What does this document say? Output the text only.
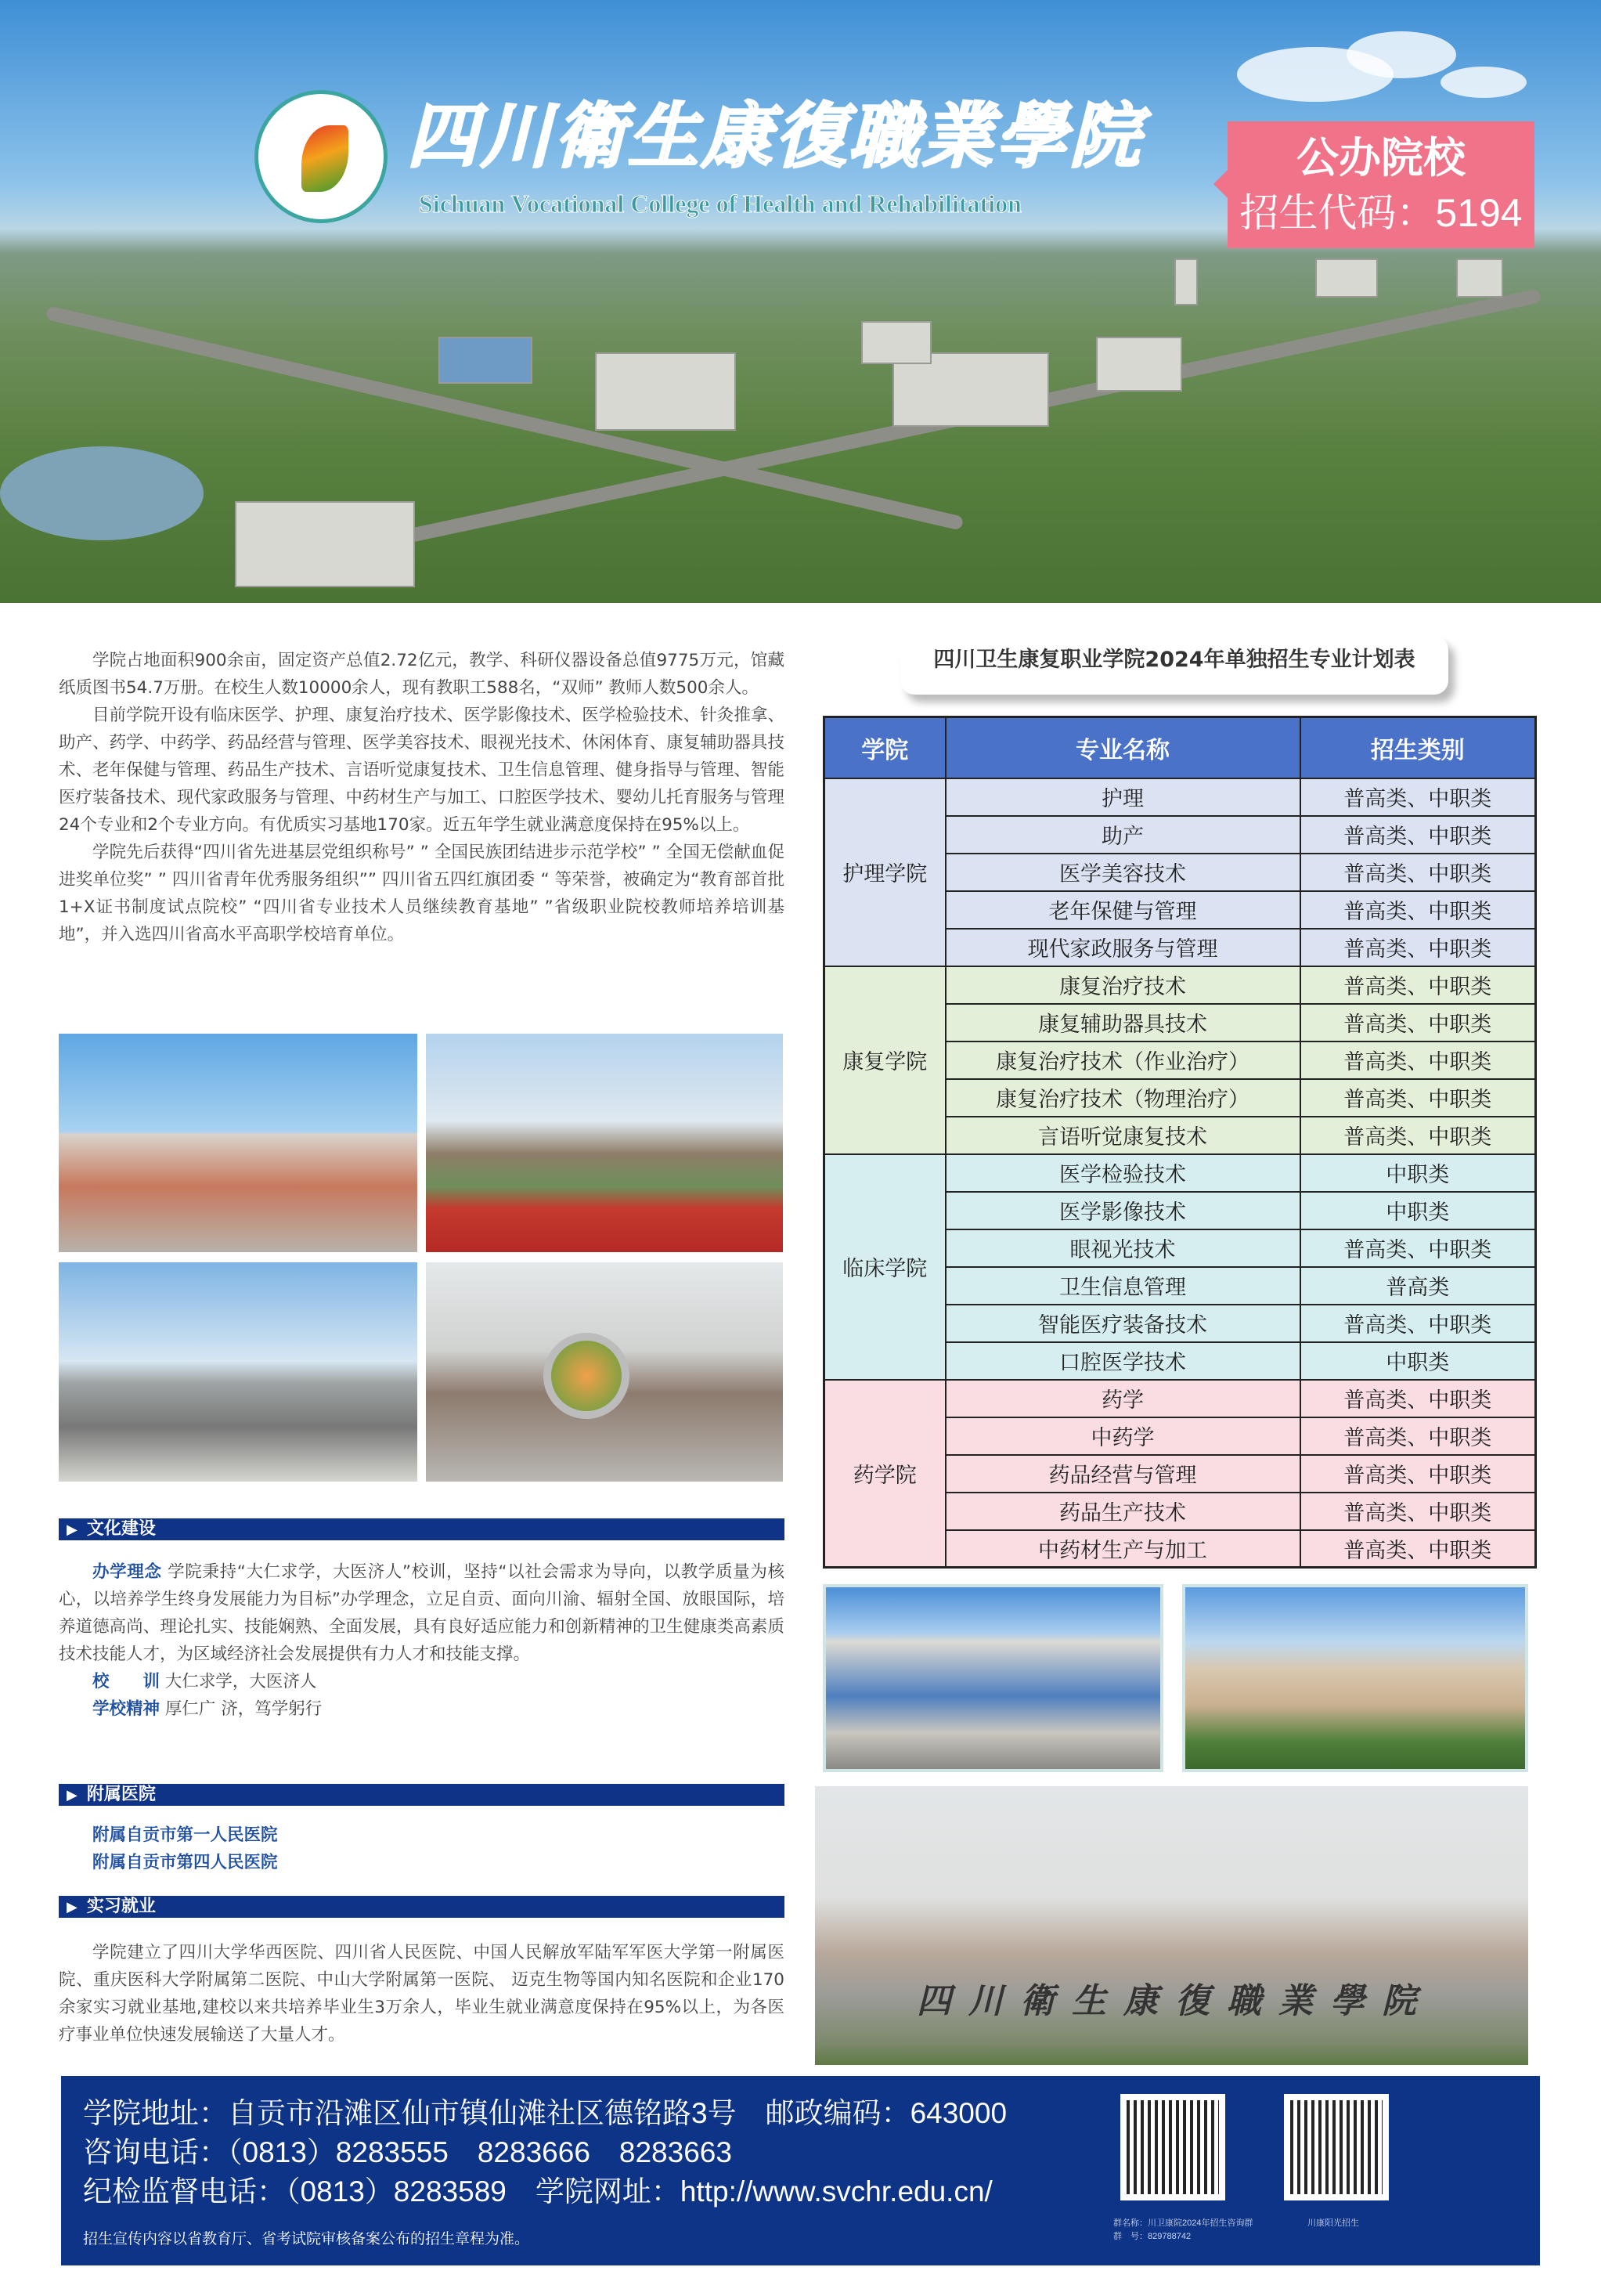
四川衛生康復職業學院
Sichuan Vocational College of Health and Rehabilitation
公办院校
招生代码：5194

学院占地面积900余亩，固定资产总值2.72亿元，教学、科研仪器设备总值9775万元，馆藏纸质图书54.7万册。在校生人数10000余人，现有教职工588名，“双师” 教师人数500余人。

目前学院开设有临床医学、护理、康复治疗技术、医学影像技术、医学检验技术、针灸推拿、助产、药学、中药学、药品经营与管理、医学美容技术、眼视光技术、休闲体育、康复辅助器具技术、老年保健与管理、药品生产技术、言语听觉康复技术、卫生信息管理、健身指导与管理、智能医疗装备技术、现代家政服务与管理、中药材生产与加工、口腔医学技术、婴幼儿托育服务与管理24个专业和2个专业方向。有优质实习基地170家。近五年学生就业满意度保持在95%以上。

学院先后获得“四川省先进基层党组织称号” ” 全国民族团结进步示范学校” ” 全国无偿献血促进奖单位奖” ” 四川省青年优秀服务组织”” 四川省五四红旗团委 “ 等荣誉，被确定为“教育部首批1+X证书制度试点院校” “四川省专业技术人员继续教育基地” ”省级职业院校教师培养培训基地”，并入选四川省高水平高职学校培育单位。

▶ 文化建设

办学理念 学院秉持“大仁求学，大医济人”校训，坚持“以社会需求为导向，以教学质量为核心，以培养学生终身发展能力为目标”办学理念，立足自贡、面向川渝、辐射全国、放眼国际，培养道德高尚、理论扎实、技能娴熟、全面发展，具有良好适应能力和创新精神的卫生健康类高素质技术技能人才，为区域经济社会发展提供有力人才和技能支撑。

校　　训 大仁求学，大医济人

学校精神 厚仁广 济，笃学躬行

▶ 附属医院

附属自贡市第一人民医院

附属自贡市第四人民医院

▶ 实习就业

学院建立了四川大学华西医院、四川省人民医院、中国人民解放军陆军军医大学第一附属医院、重庆医科大学附属第二医院、中山大学附属第一医院、 迈克生物等国内知名医院和企业170余家实习就业基地,建校以来共培养毕业生3万余人，毕业生就业满意度保持在95%以上，为各医疗事业单位快速发展输送了大量人才。

四川卫生康复职业学院2024年单独招生专业计划表
学院	专业名称	招生类别
护理学院	护理	普高类、中职类
	助产	普高类、中职类
	医学美容技术	普高类、中职类
	老年保健与管理	普高类、中职类
	现代家政服务与管理	普高类、中职类
康复学院	康复治疗技术	普高类、中职类
	康复辅助器具技术	普高类、中职类
	康复治疗技术（作业治疗）	普高类、中职类
	康复治疗技术（物理治疗）	普高类、中职类
	言语听觉康复技术	普高类、中职类
临床学院	医学检验技术	中职类
	医学影像技术	中职类
	眼视光技术	普高类、中职类
	卫生信息管理	普高类
	智能医疗装备技术	普高类、中职类
	口腔医学技术	中职类
药学院	药学	普高类、中职类
	中药学	普高类、中职类
	药品经营与管理	普高类、中职类
	药品生产技术	普高类、中职类
	中药材生产与加工	普高类、中职类
四川衛生康復職業學院
学院地址：自贡市沿滩区仙市镇仙滩社区德铭路3号　邮政编码：643000
咨询电话：（0813）8283555　8283666　8283663
纪检监督电话：（0813）8283589　学院网址：http://www.svchr.edu.cn/
招生宣传内容以省教育厅、省考试院审核备案公布的招生章程为准。
群名称：川卫康院2024年招生咨询群
群　号：829788742
川康阳光招生
